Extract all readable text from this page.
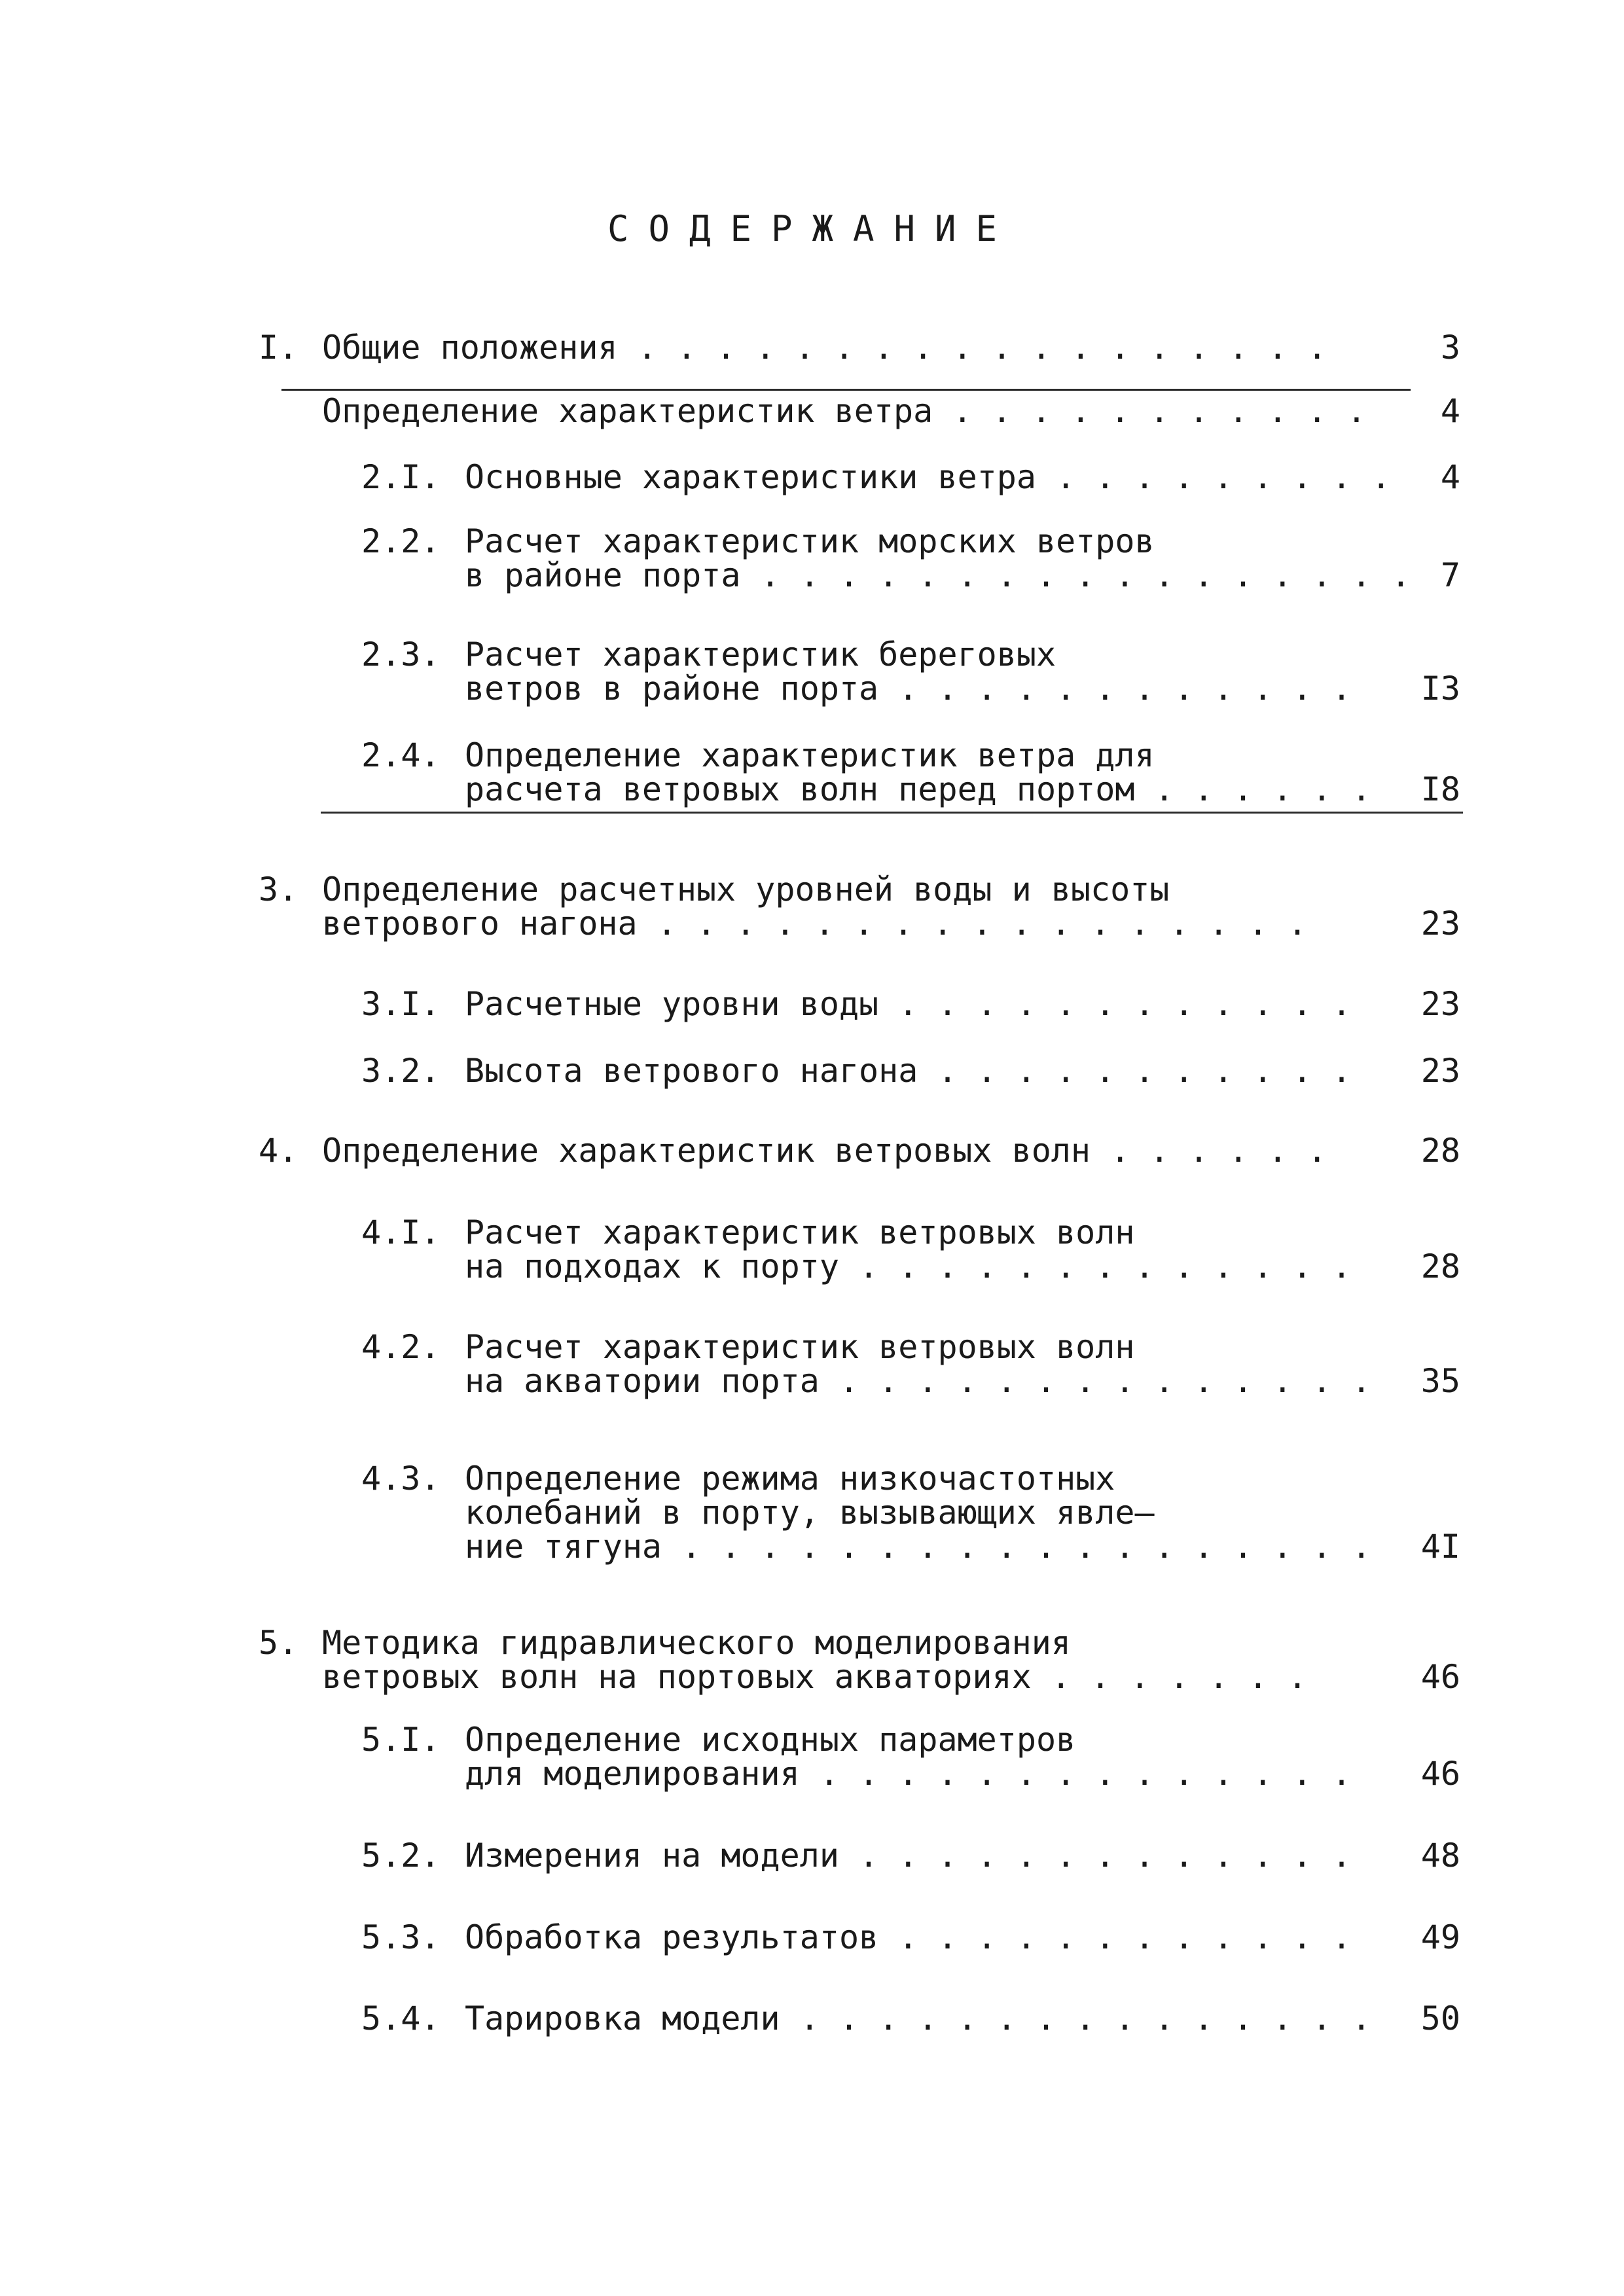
СОДЕРЖАНИЕ
I. Общие положения . . . . . . . . . . . . . . . . . .	3
Определение характеристик ветра . . . . . . . . . . . 4
2.I. Основные характеристики ветра . . . . . . . . . 4
2.2. Расчет характеристик морских ветров
в районе порта . . . . . . . . . . . . . . . . . 7
2.3. Расчет характеристик береговых
ветров в районе порта . . . . . . . . . . . . I3
2.4. Определение характеристик ветра для
расчета ветровых волн перед портом . . . . . . I8
3. Определение расчетных уровней воды и высоты
ветрового нагона . . . . . . . . . . . . . . . . .	23
3.I. Расчетные уровни воды . . . . . . . . . . . . 23
3.2. Высота ветрового нагона . . . . . . . . . . . 23
4. Определение характеристик ветровых волн . . . . . .	28
4.I. Расчет характеристик ветровых волн
на подходах к порту . . . . . . . . . . . . . 28
4.2. Расчет характеристик ветровых волн
на акватории порта . . . . . . . . . . . . . . 35
4.3. Определение режима низкочастотных
колебаний в порту, вызывающих явле–
ние тягуна . . . . . . . . . . . . . . . . . . 4I
5. Методика гидравлического моделирования
ветровых волн на портовых акваториях . . . . . . .	46
5.I. Определение исходных параметров
для моделирования . . . . . . . . . . . . . . 46
5.2. Измерения на модели . . . . . . . . . . . . . 48
5.3. Обработка результатов . . . . . . . . . . . . 49
5.4. Тарировка модели . . . . . . . . . . . . . . . 50
